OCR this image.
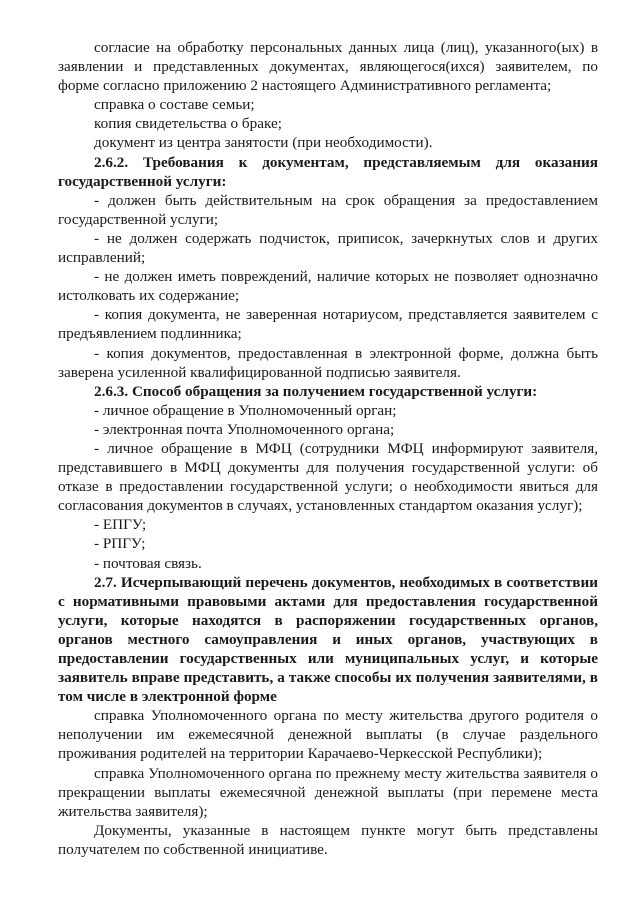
согласие на обработку персональных данных лица (лиц), указанного(ых) в заявлении и представленных документах, являющегося(ихся) заявителем, по форме согласно приложению 2 настоящего Административного регламента;

справка о составе семьи;

копия свидетельства о браке;

документ из центра занятости (при необходимости).

2.6.2. Требования к документам, представляемым для оказания государственной услуги:

- должен быть действительным на срок обращения за предоставлением государственной услуги;

- не должен содержать подчисток, приписок, зачеркнутых слов и других исправлений;

- не должен иметь повреждений, наличие которых не позволяет однозначно истолковать их содержание;

- копия документа, не заверенная нотариусом, представляется заявителем с предъявлением подлинника;

- копия документов, предоставленная в электронной форме, должна быть заверена усиленной квалифицированной подписью заявителя.

2.6.3. Способ обращения за получением государственной услуги:

- личное обращение в Уполномоченный орган;

- электронная почта Уполномоченного органа;

- личное обращение в МФЦ (сотрудники МФЦ информируют заявителя, представившего в МФЦ документы для получения государственной услуги: об отказе в предоставлении государственной услуги; о необходимости явиться для согласования документов в случаях, установленных стандартом оказания услуг);

- ЕПГУ;

- РПГУ;

- почтовая связь.

2.7. Исчерпывающий перечень документов, необходимых в соответствии с нормативными правовыми актами для предоставления государственной услуги, которые находятся в распоряжении государственных органов, органов местного самоуправления и иных органов, участвующих в предоставлении государственных или муниципальных услуг, и которые заявитель вправе представить, а также способы их получения заявителями, в том числе в электронной форме

справка Уполномоченного органа по месту жительства другого родителя о неполучении им ежемесячной денежной выплаты (в случае раздельного проживания родителей на территории Карачаево-Черкесской Республики);

справка Уполномоченного органа по прежнему месту жительства заявителя о прекращении выплаты ежемесячной денежной выплаты (при перемене места жительства заявителя);

Документы, указанные в настоящем пункте могут быть представлены получателем по собственной инициативе.
